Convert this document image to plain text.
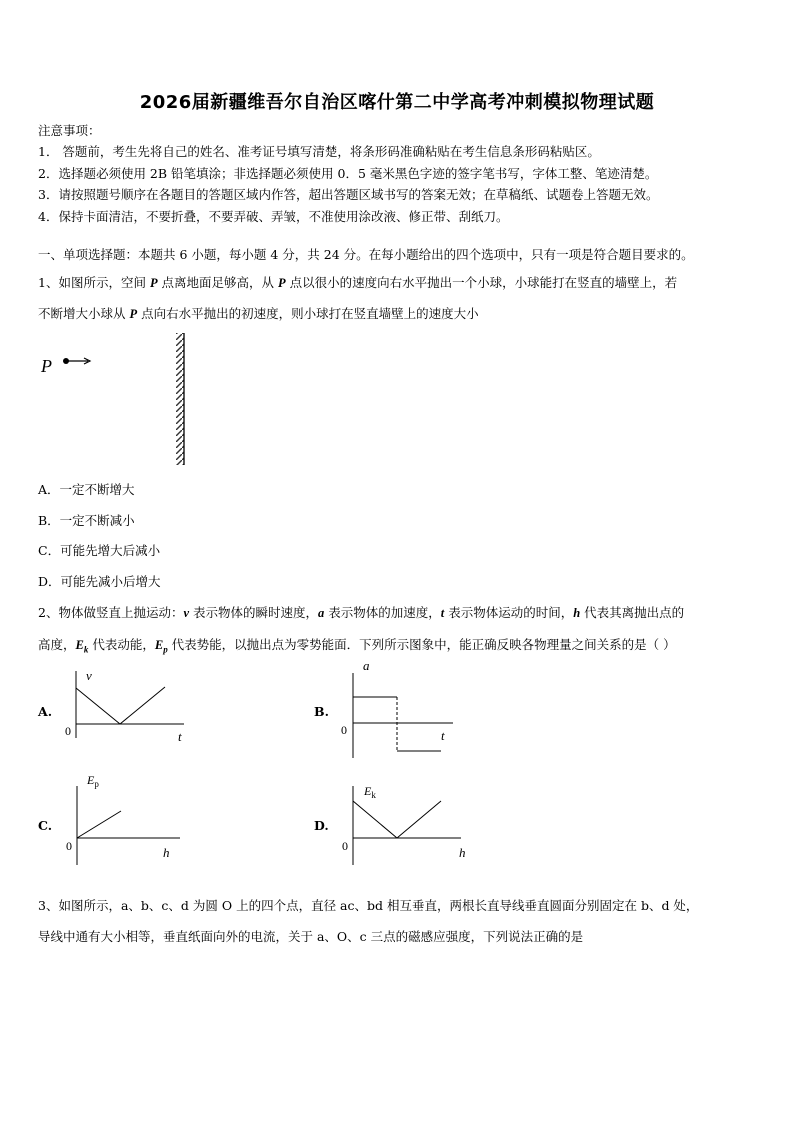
2026届新疆维吾尔自治区喀什第二中学高考冲刺模拟物理试题
注意事项：
1． 答题前，考生先将自己的姓名、准考证号填写清楚，将条形码准确粘贴在考生信息条形码粘贴区。
2．选择题必须使用 2B 铅笔填涂；非选择题必须使用 0．5 毫米黑色字迹的签字笔书写，字体工整、笔迹清楚。
3．请按照题号顺序在各题目的答题区域内作答，超出答题区域书写的答案无效；在草稿纸、试题卷上答题无效。
4．保持卡面清洁，不要折叠，不要弄破、弄皱，不准使用涂改液、修正带、刮纸刀。
一、单项选择题：本题共 6 小题，每小题 4 分，共 24 分。在每小题给出的四个选项中，只有一项是符合题目要求的。
1、如图所示，空间 P 点离地面足够高，从 P 点以很小的速度向右水平抛出一个小球，小球能打在竖直的墙壁上，若
不断增大小球从 P 点向右水平抛出的初速度，则小球打在竖直墙壁上的速度大小
P
A．一定不断增大
B．一定不断减小
C．可能先增大后减小
D．可能先减小后增大
2、物体做竖直上抛运动：v 表示物体的瞬时速度，a 表示物体的加速度，t 表示物体运动的时间，h 代表其离抛出点的
高度，$E_k$ 代表动能，$E_p$ 代表势能，以抛出点为零势能面．下列所示图象中，能正确反映各物理量之间关系的是（ ）
A.
v
t
0
B.
a
t
0
C.
$E_p$
h
0
D.
$E_k$
h
0
3、如图所示，a、b、c、d 为圆 O 上的四个点，直径 ac、bd 相互垂直，两根长直导线垂直圆面分别固定在 b、d 处，
导线中通有大小相等，垂直纸面向外的电流，关于 a、O、c 三点的磁感应强度，下列说法正确的是
